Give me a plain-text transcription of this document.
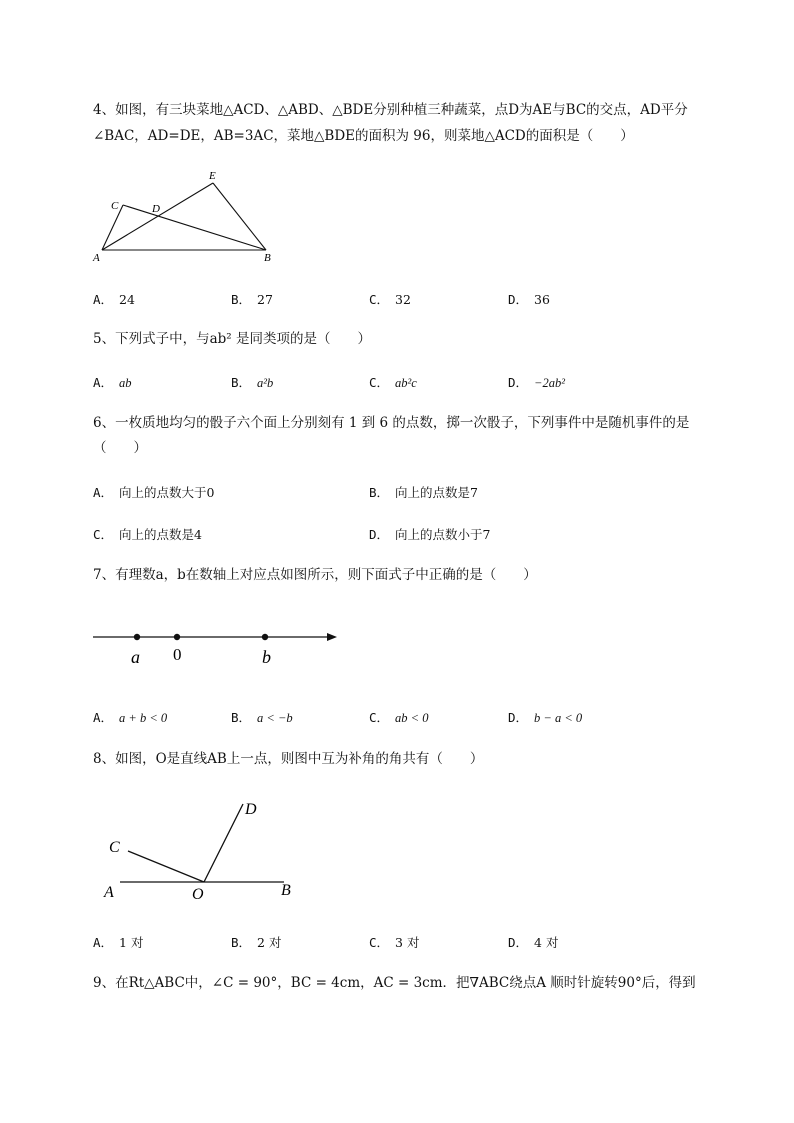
4、如图，有三块菜地△ACD、△ABD、△BDE分别种植三种蔬菜，点D为AE与BC的交点，AD平分
∠BAC，AD=DE，AB=3AC，菜地△BDE的面积为 96，则菜地△ACD的面积是（　　）
A	B
C	D
E
A． 24	B． 27	C． 32	D． 36
5、下列式子中，与ab² 是同类项的是（　　）
A． ab	B． a²b	C． ab²c	D． −2ab²
6、一枚质地均匀的骰子六个面上分别刻有 1 到 6 的点数，掷一次骰子，下列事件中是随机事件的是
（　　）
A． 向上的点数大于0	B． 向上的点数是7
C． 向上的点数是4	D． 向上的点数小于7
7、有理数a，b在数轴上对应点如图所示，则下面式子中正确的是（　　）
a 0	b
A． a + b < 0	B． a < −b	C． ab < 0	D． b − a < 0
8、如图，O是直线AB上一点，则图中互为补角的角共有（　　）
A	B
C
D
O
A． 1 对	B． 2 对	C． 3 对	D． 4 对
9、在Rt△ABC中，∠C = 90°，BC = 4cm，AC = 3cm．把∇ABC绕点A 顺时针旋转90°后，得到
